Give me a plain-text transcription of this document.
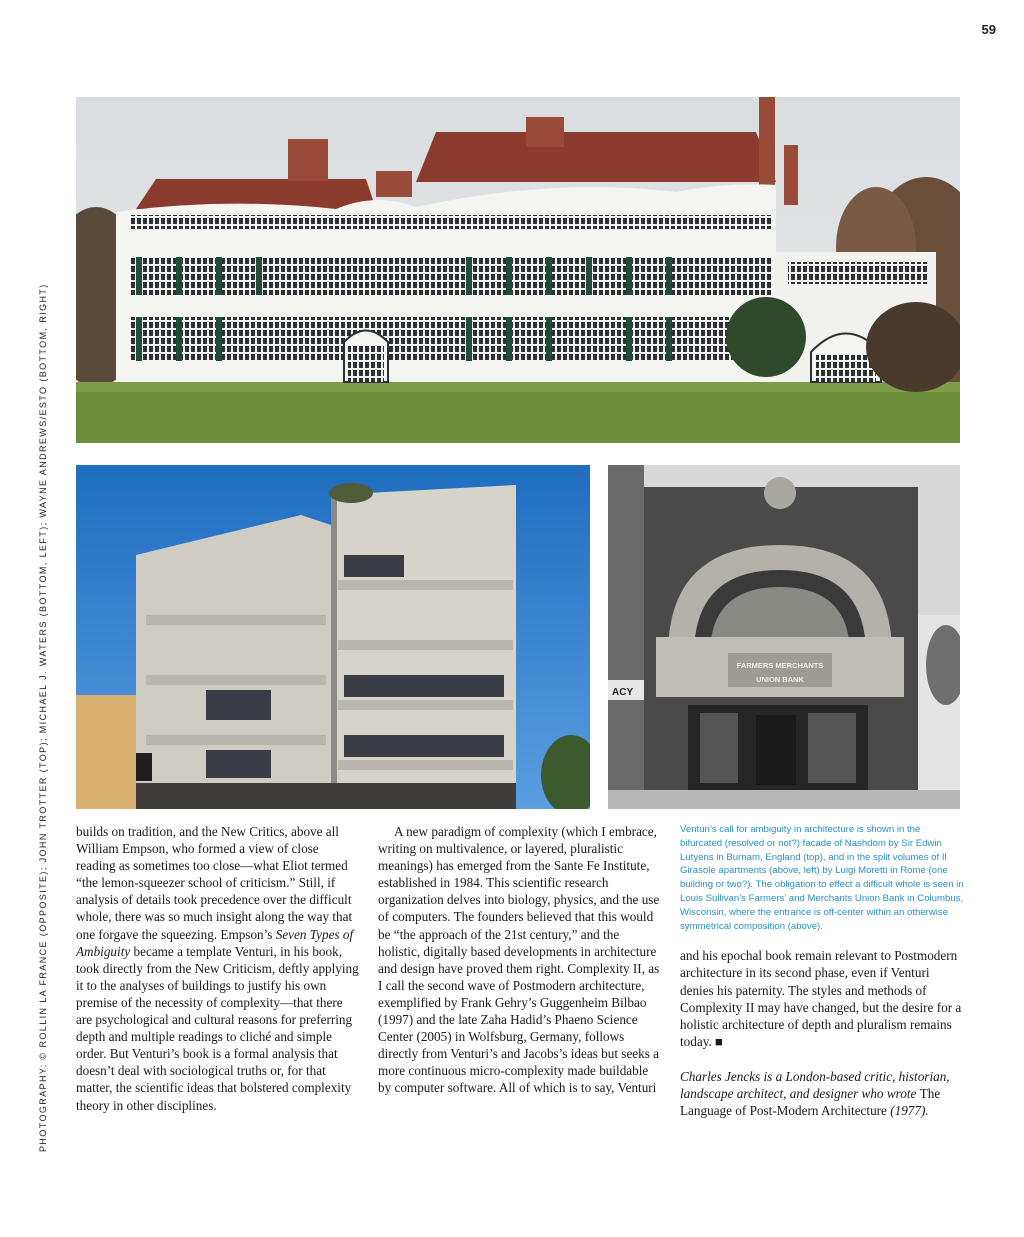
59
PHOTOGRAPHY: © ROLLIN LA FRANCE (OPPOSITE); JOHN TROTTER (TOP); MICHAEL J. WATERS (BOTTOM, LEFT); WAYNE ANDREWS/ESTO (BOTTOM, RIGHT)	ACY
FARMERS MERCHANTS
UNION BANK

builds on tradition, and the New Critics, above all William Empson, who formed a view of close reading as sometimes too close—what Eliot termed “the lemon-squeezer school of criticism.” Still, if analysis of details took precedence over the difficult whole, there was so much insight along the way that one forgave the squeezing. Empson’s Seven Types of Ambiguity became a template Venturi, in his book, took directly from the New Criticism, deftly applying it to the analyses of buildings to justify his own premise of the necessity of complexity—that there are psychological and cultural reasons for preferring depth and multiple readings to cliché and simple order. But Venturi’s book is a formal analysis that doesn’t deal with sociological truths or, for that matter, the scientific ideas that bolstered complexity theory in other disciplines.

A new paradigm of complexity (which I embrace, writing on multivalence, or layered, pluralistic meanings) has emerged from the Sante Fe Institute, established in 1984. This scientific research organization delves into biology, physics, and the use of computers. The founders believed that this would be “the approach of the 21st century,” and the holistic, digitally based developments in architecture and design have proved them right. Complexity II, as I call the second wave of Postmodern architecture, exemplified by Frank Gehry’s Guggenheim Bilbao (1997) and the late Zaha Hadid’s Phaeno Science Center (2005) in Wolfsburg, Germany, follows directly from Venturi’s and Jacobs’s ideas but seeks a more continuous micro-complexity made buildable by computer software. All of which is to say, Venturi

Venturi’s call for ambiguity in architecture is shown in the bifurcated (resolved or not?) facade of Nashdom by Sir Edwin Lutyens in Burnam, England (top), and in the split volumes of Il Girasole apartments (above, left) by Luigi Moretti in Rome (one building or two?). The obligation to effect a difficult whole is seen in Louis Sullivan’s Farmers’ and Merchants Union Bank in Columbus, Wisconsin, where the entrance is off-center within an otherwise symmetrical composition (above).

and his epochal book remain relevant to Postmodern architecture in its second phase, even if Venturi denies his paternity. The styles and methods of Complexity II may have changed, but the desire for a holistic architecture of depth and pluralism remains today. ■

Charles Jencks is a London-based critic, historian, landscape architect, and designer who wrote The Language of Post-Modern Architecture (1977).
